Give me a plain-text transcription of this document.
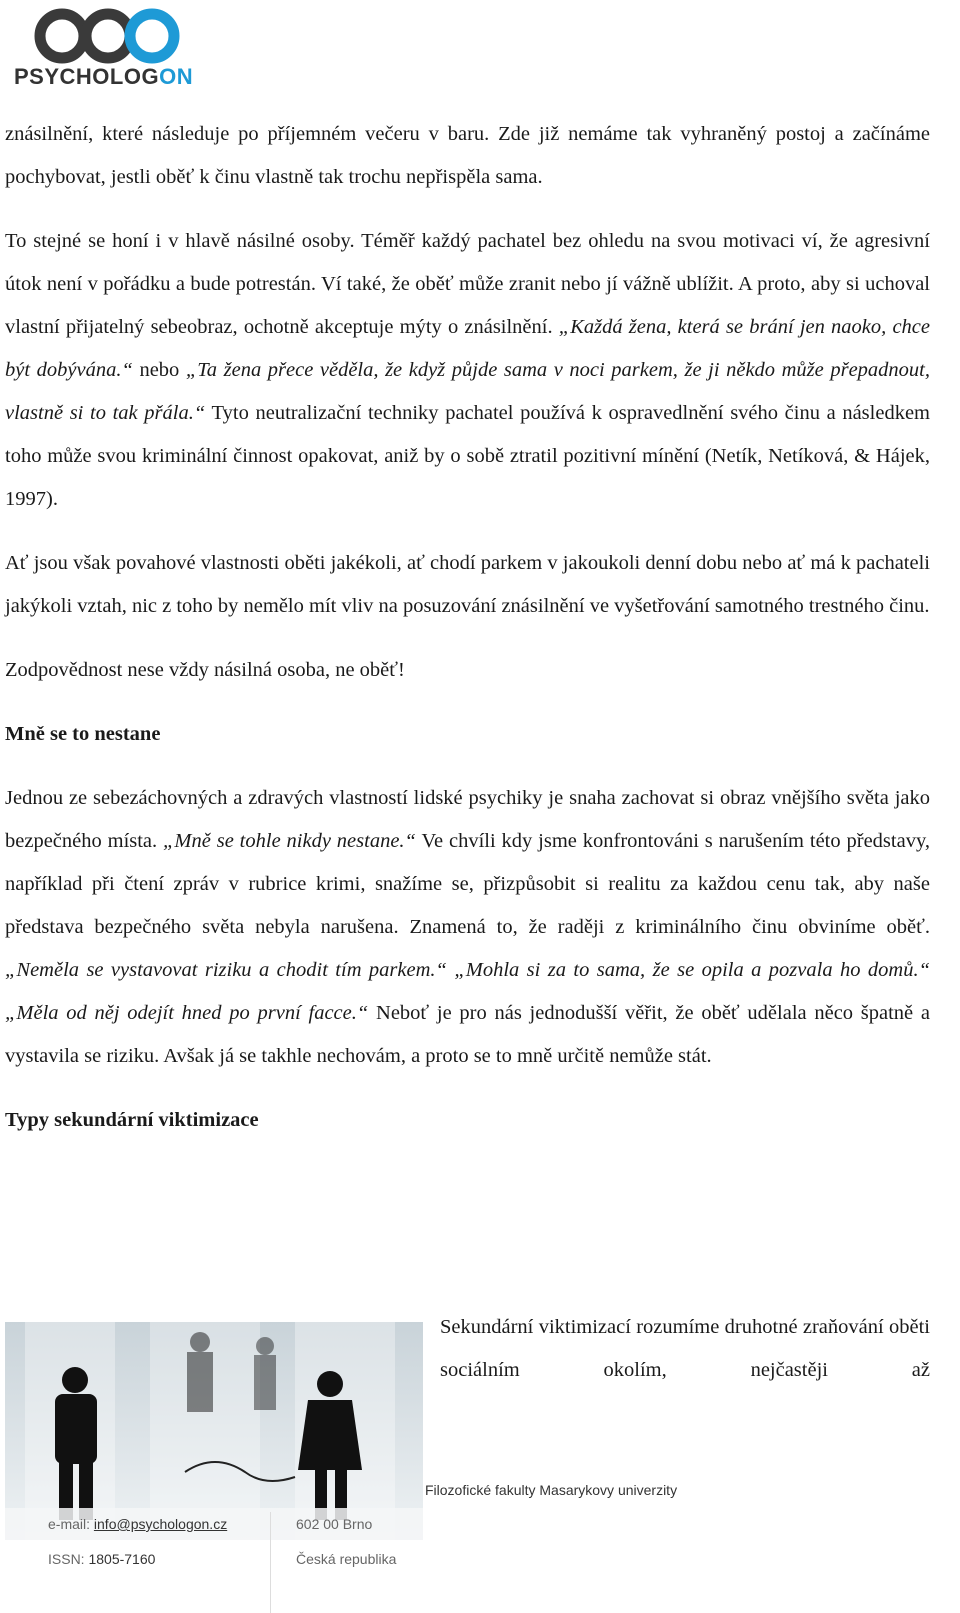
PSYCHOLOGON

znásilnění, které následuje po příjemném večeru v baru. Zde již nemáme tak vyhraněný postoj a začínáme pochybovat, jestli oběť k činu vlastně tak trochu nepřispěla sama.

To stejné se honí i v hlavě násilné osoby. Téměř každý pachatel bez ohledu na svou motivaci ví, že agresivní útok není v pořádku a bude potrestán. Ví také, že oběť může zranit nebo jí vážně ublížit. A proto, aby si uchoval vlastní přijatelný sebeobraz, ochotně akceptuje mýty o znásilnění. „Každá žena, která se brání jen naoko, chce být dobývána.“ nebo „Ta žena přece věděla, že když půjde sama v noci parkem, že ji někdo může přepadnout, vlastně si to tak přála.“ Tyto neutralizační techniky pachatel používá k ospravedlnění svého činu a následkem toho může svou kriminální činnost opakovat, aniž by o sobě ztratil pozitivní mínění (Netík, Netíková, & Hájek, 1997).

Ať jsou však povahové vlastnosti oběti jakékoli, ať chodí parkem v jakoukoli denní dobu nebo ať má k pachateli jakýkoli vztah, nic z toho by nemělo mít vliv na posuzování znásilnění ve vyšetřování samotného trestného činu.

Zodpovědnost nese vždy násilná osoba, ne oběť!

Mně se to nestane

Jednou ze sebezáchovných a zdravých vlastností lidské psychiky je snaha zachovat si obraz vnějšího světa jako bezpečného místa. „Mně se tohle nikdy nestane.“ Ve chvíli kdy jsme konfrontováni s narušením této představy, například při čtení zpráv v rubrice krimi, snažíme se, přizpůsobit si realitu za každou cenu tak, aby naše představa bezpečného světa nebyla narušena. Znamená to, že raději z kriminálního činu obviníme oběť. „Neměla se vystavovat riziku a chodit tím parkem.“ „Mohla si za to sama, že se opila a pozvala ho domů.“ „Měla od něj odejít hned po první facce.“ Neboť je pro nás jednodušší věřit, že oběť udělala něco špatně a vystavila se riziku. Avšak já se takhle nechovám, a proto se to mně určitě nemůže stát.

Typy sekundární viktimizace

Sekundární viktimizací rozumíme druhotné zraňování oběti sociálním okolím, nejčastěji až

Filozofické fakulty Masarykovy univerzity
e-mail: info@psychologon.cz	602 00 Brno
ISSN: 1805-7160	Česká republika
